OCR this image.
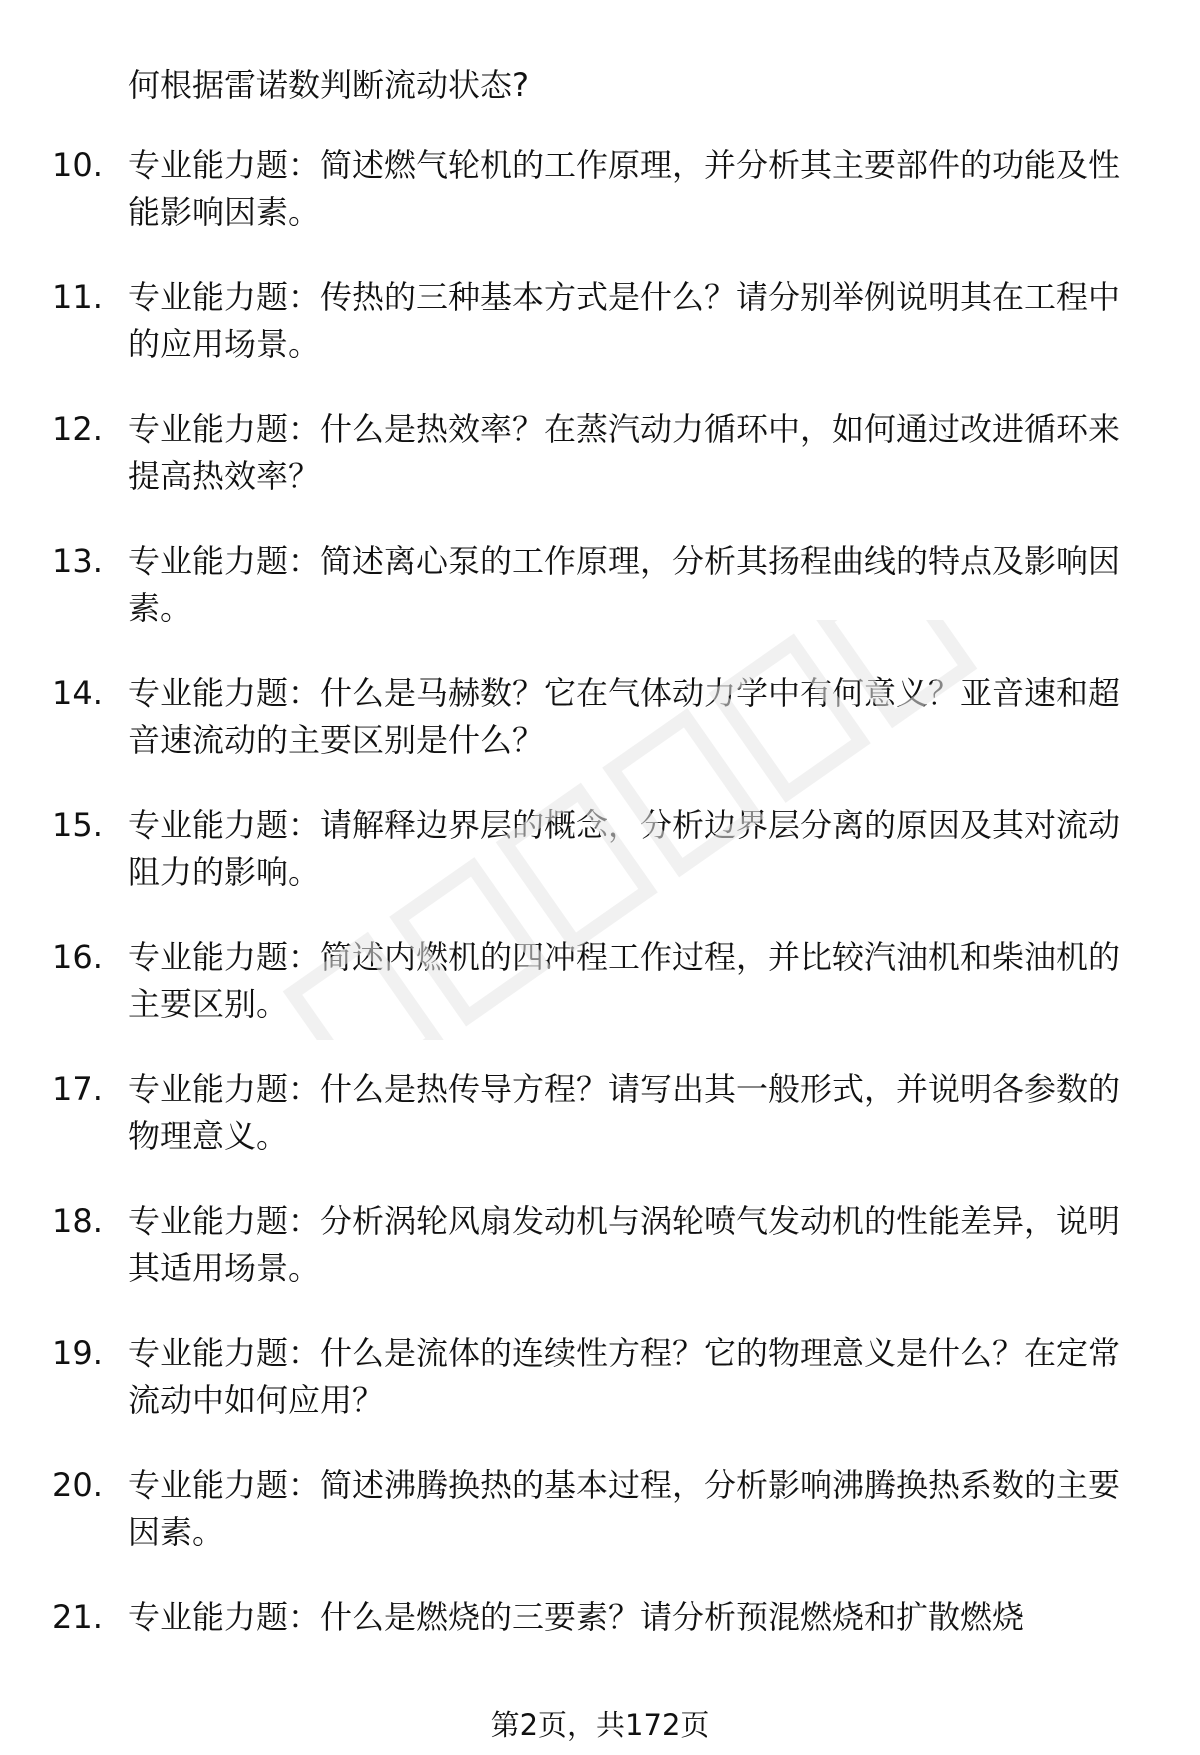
何根据雷诺数判断流动状态?

10. 专业能力题：简述燃气轮机的工作原理，并分析其主要部件的功能及性能影响因素。
11. 专业能力题：传热的三种基本方式是什么？请分别举例说明其在工程中的应用场景。
12. 专业能力题：什么是热效率？在蒸汽动力循环中，如何通过改进循环来提高热效率？
13. 专业能力题：简述离心泵的工作原理，分析其扬程曲线的特点及影响因素。
14. 专业能力题：什么是马赫数？它在气体动力学中有何意义？亚音速和超音速流动的主要区别是什么？
15. 专业能力题：请解释边界层的概念，分析边界层分离的原因及其对流动阻力的影响。
16. 专业能力题：简述内燃机的四冲程工作过程，并比较汽油机和柴油机的主要区别。
17. 专业能力题：什么是热传导方程？请写出其一般形式，并说明各参数的物理意义。
18. 专业能力题：分析涡轮风扇发动机与涡轮喷气发动机的性能差异，说明其适用场景。
19. 专业能力题：什么是流体的连续性方程？它的物理意义是什么？在定常流动中如何应用？
20. 专业能力题：简述沸腾换热的基本过程，分析影响沸腾换热系数的主要因素。
21. 专业能力题：什么是燃烧的三要素？请分析预混燃烧和扩散燃烧

第2页，共172页
